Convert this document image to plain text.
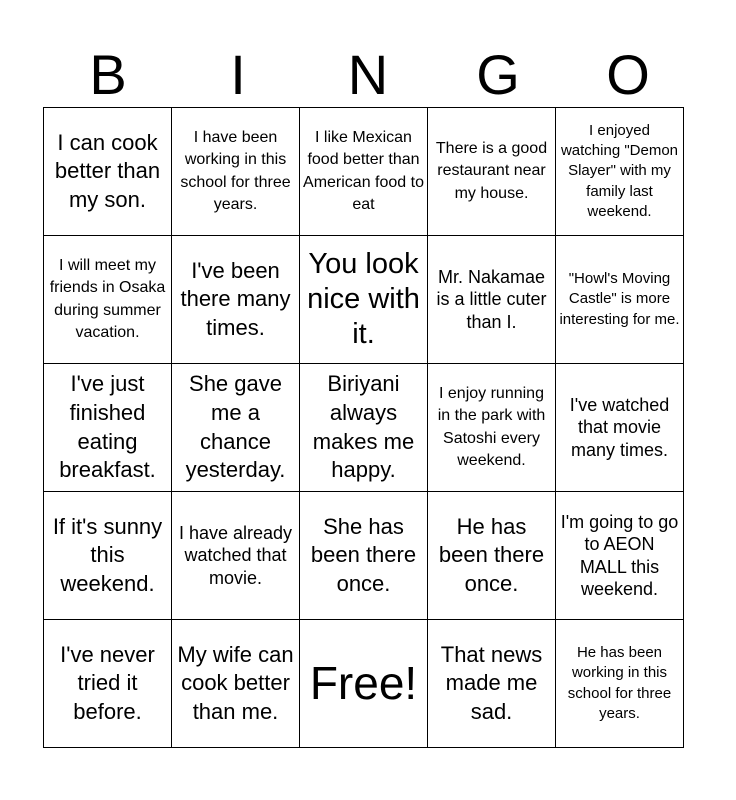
B	I	N	G	O
I can cook better than my son.	I have been working in this school for three years.	I like Mexican food better than American food to eat	There is a good restaurant near my house.	I enjoyed watching "Demon Slayer" with my family last weekend.

I will meet my friends in Osaka during summer vacation.	I've been there many times.	You look nice with it.	Mr. Nakamae is a little cuter than I.	"Howl's Moving Castle" is more interesting for me.

I've just finished eating breakfast.	She gave me a chance yesterday.	Biriyani always makes me happy.	I enjoy running in the park with Satoshi every weekend.	I've watched that movie many times.

If it's sunny this weekend.	I have already watched that movie.	She has been there once.	He has been there once.	I'm going to go to AEON MALL this weekend.

I've never tried it before.	My wife can cook better than me.	Free!	That news made me sad.	He has been working in this school for three years.
